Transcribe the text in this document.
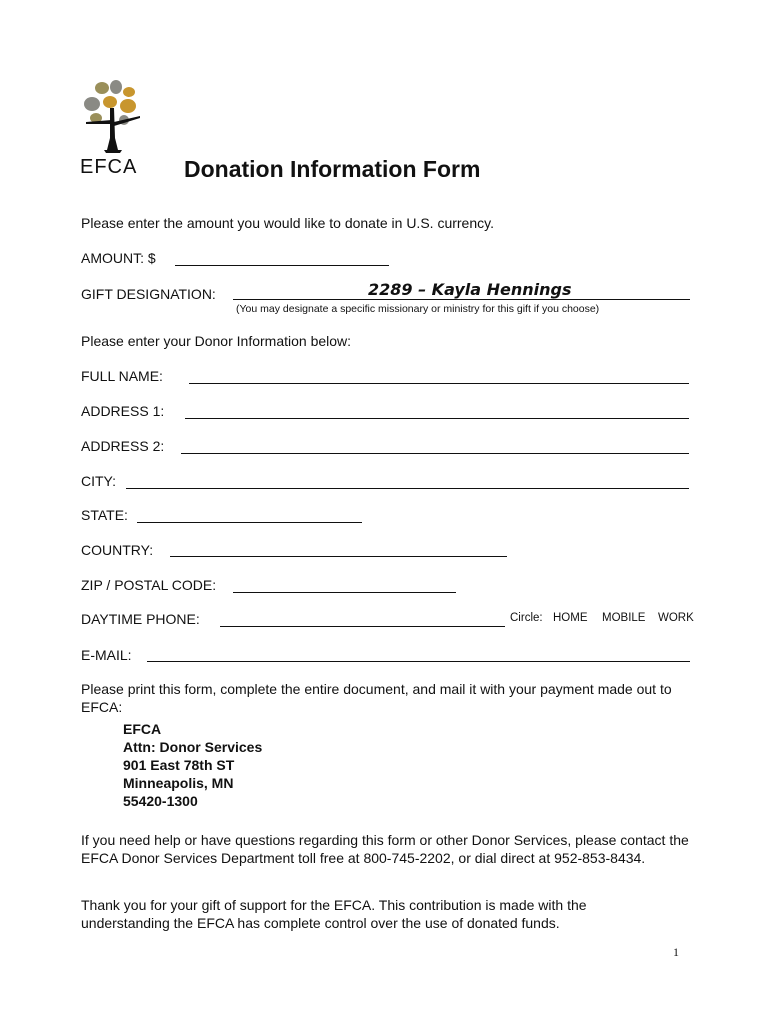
EFCA Donation Information Form
Please enter the amount you would like to donate in U.S. currency.
AMOUNT: $
GIFT DESIGNATION:	2289 – Kayla Hennings
(You may designate a specific missionary or ministry for this gift if you choose)
Please enter your Donor Information below:
FULL NAME:
ADDRESS 1:
ADDRESS 2:
CITY:
STATE:
COUNTRY:
ZIP / POSTAL CODE:
DAYTIME PHONE:	Circle: HOME MOBILE WORK
E-MAIL:
Please print this form, complete the entire document, and mail it with your payment made out to EFCA:
EFCA
Attn: Donor Services
901 East 78th ST
Minneapolis, MN
55420-1300
If you need help or have questions regarding this form or other Donor Services, please contact the EFCA Donor Services Department toll free at 800-745-2202, or dial direct at 952-853-8434.
Thank you for your gift of support for the EFCA. This contribution is made with the understanding the EFCA has complete control over the use of donated funds.
1
